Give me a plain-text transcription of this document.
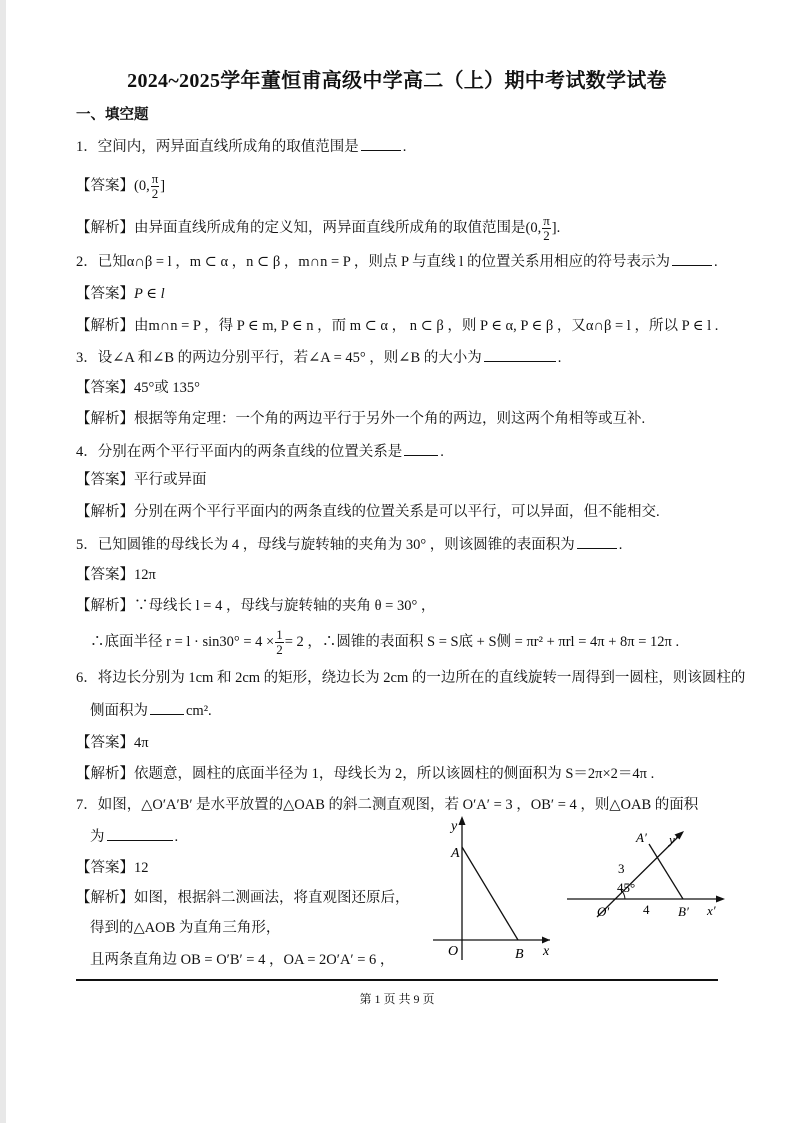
2024~2025学年董恒甫高级中学高二（上）期中考试数学试卷
一、填空题
1．空间内，两异面直线所成角的取值范围是	.
【答案】(0, $\frac{\pi}{2}$ ]
【解析】由异面直线所成角的定义知，两异面直线所成角的取值范围是(0, $\frac{\pi}{2}$ ].
2．已知α∩β = l ，m ⊂ α ，n ⊂ β ，m∩n = P ，则点 P 与直线 l 的位置关系用相应的符号表示为	.
【答案】P ∈ l
【解析】由m∩n = P ，得 P ∈ m, P ∈ n ，而 m ⊂ α ， n ⊂ β ，则 P ∈ α, P ∈ β ，又α∩β = l ，所以 P ∈ l .
3．设∠A 和∠B 的两边分别平行，若∠A = 45° ，则∠B 的大小为	.
【答案】45°或 135°
【解析】根据等角定理：一个角的两边平行于另外一个角的两边，则这两个角相等或互补.
4．分别在两个平行平面内的两条直线的位置关系是	.
【答案】平行或异面
【解析】分别在两个平行平面内的两条直线的位置关系是可以平行，可以异面，但不能相交.
5．已知圆锥的母线长为 4 ，母线与旋转轴的夹角为 30° ，则该圆锥的表面积为	.
【答案】12π
【解析】∵母线长 l = 4 ，母线与旋转轴的夹角 θ = 30° ，
∴底面半径 $r = l \cdot \sin 30^\circ = 4 \times \frac{1}{2} = 2$ ，∴圆锥的表面积 S = S底 + S侧 = πr² + πrl = 4π + 8π = 12π .
6．将边长分别为 1cm 和 2cm 的矩形，绕边长为 2cm 的一边所在的直线旋转一周得到一圆柱，则该圆柱的
侧面积为	cm².
【答案】4π
【解析】依题意，圆柱的底面半径为 1，母线长为 2，所以该圆柱的侧面积为 S＝2π×2＝4π .
7．如图，△O′A′B′ 是水平放置的△OAB 的斜二测直观图，若 O′A′ = 3 ，OB′ = 4 ，则△OAB 的面积
为	.
【答案】12
【解析】如图，根据斜二测画法，将直观图还原后，
得到的△AOB 为直角三角形，
且两条直角边 OB = O′B′ = 4 ，OA = 2O′A′ = 6 ，
y
A
O	B x
A′ y′
3
45°
O′	4 B′ x′
第 1 页 共 9 页
